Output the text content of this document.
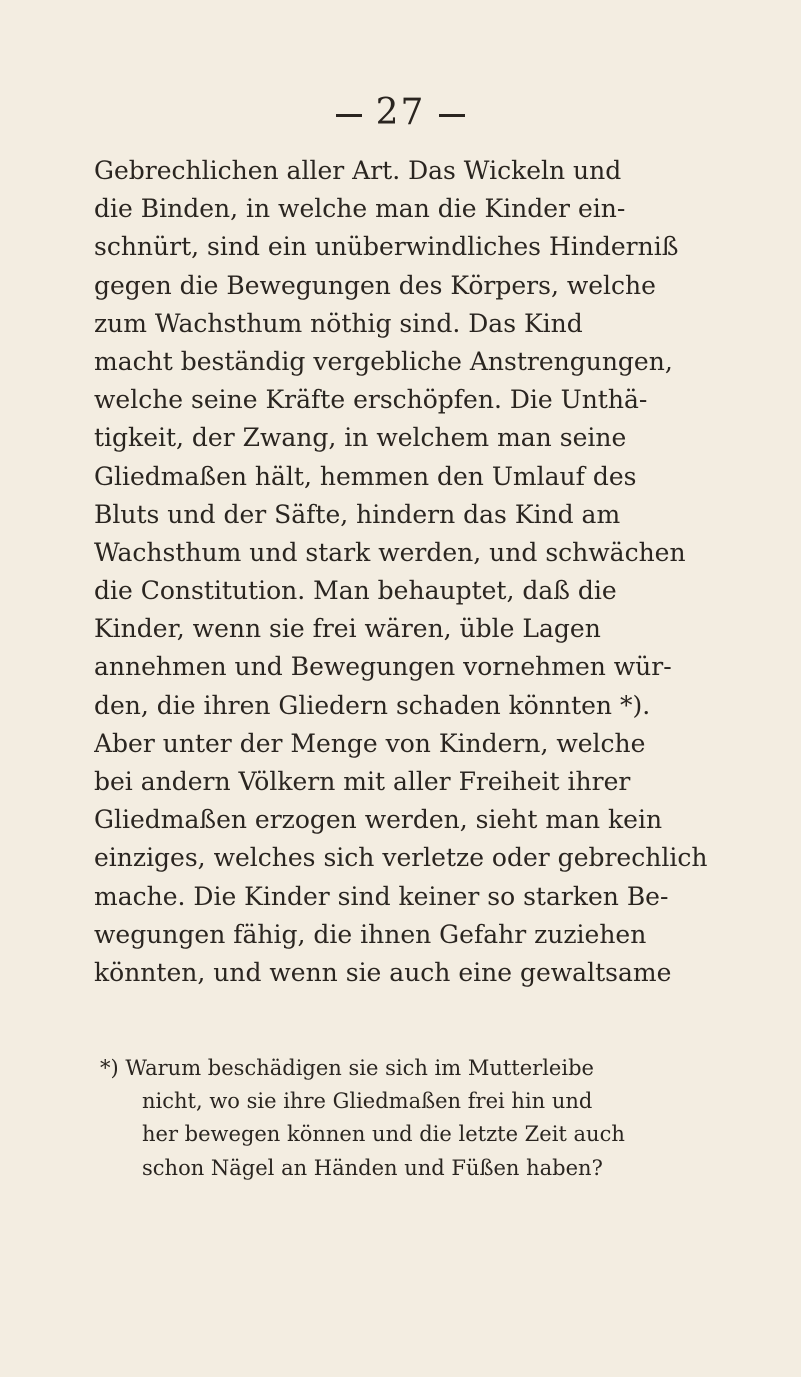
27
Gebrechlichen aller Art. Das Wickeln und
die Binden, in welche man die Kinder ein-
schnürt, sind ein unüberwindliches Hinderniß
gegen die Bewegungen des Körpers, welche
zum Wachsthum nöthig sind. Das Kind
macht beständig vergebliche Anstrengungen,
welche seine Kräfte erschöpfen. Die Unthä-
tigkeit, der Zwang, in welchem man seine
Gliedmaßen hält, hemmen den Umlauf des
Bluts und der Säfte, hindern das Kind am
Wachsthum und stark werden, und schwächen
die Constitution. Man behauptet, daß die
Kinder, wenn sie frei wären, üble Lagen
annehmen und Bewegungen vornehmen wür-
den, die ihren Gliedern schaden könnten *).
Aber unter der Menge von Kindern, welche
bei andern Völkern mit aller Freiheit ihrer
Gliedmaßen erzogen werden, sieht man kein
einziges, welches sich verletze oder gebrechlich
mache. Die Kinder sind keiner so starken Be-
wegungen fähig, die ihnen Gefahr zuziehen
könnten, und wenn sie auch eine gewaltsame
*) Warum beschädigen sie sich im Mutterleibe
nicht, wo sie ihre Gliedmaßen frei hin und
her bewegen können und die letzte Zeit auch
schon Nägel an Händen und Füßen haben?
